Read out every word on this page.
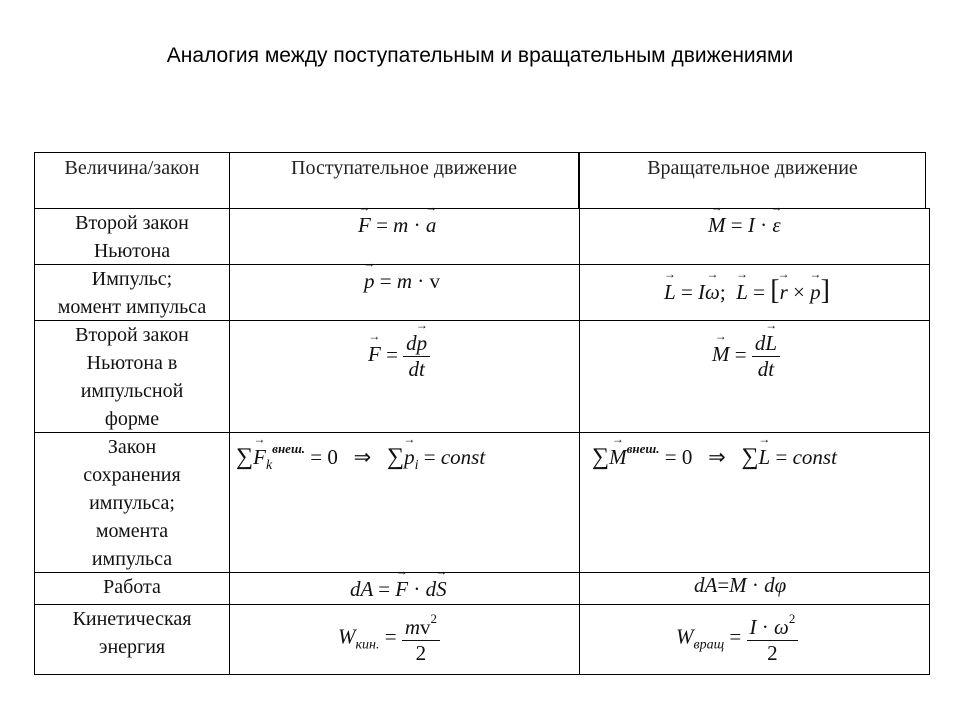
Аналогия между поступательным и вращательным движениями
Величина/закон	Поступательное движение	Вращательное движение
Второй закон
Ньютона
→ F = m · → a	→ M = I · → ε
Импульс;
момент импульса
→ p = m · v	→ L = I→ ω; → L = [→ r × → p]
Второй закон
Ньютона в
импульсной
форме
→ $F = \frac{d\to p}{dt}$	→ $M = \frac{d\to L}{dt}$
Закон
сохранения
импульса;
момента
импульса
∑→ $F_k^{внеш.} = 0$ ⇒ ∑→ $p_i$ = const	∑→ $M^{внеш.} = 0$ ⇒ ∑→ L = const
Работа	dA = → F · d→ S	dA=M · dφ
Кинетическая
энергия	$W_{кин.} = \frac{mv^2}{2}$	$W_{вращ} = \frac{I \cdot \omega^2}{2}$
